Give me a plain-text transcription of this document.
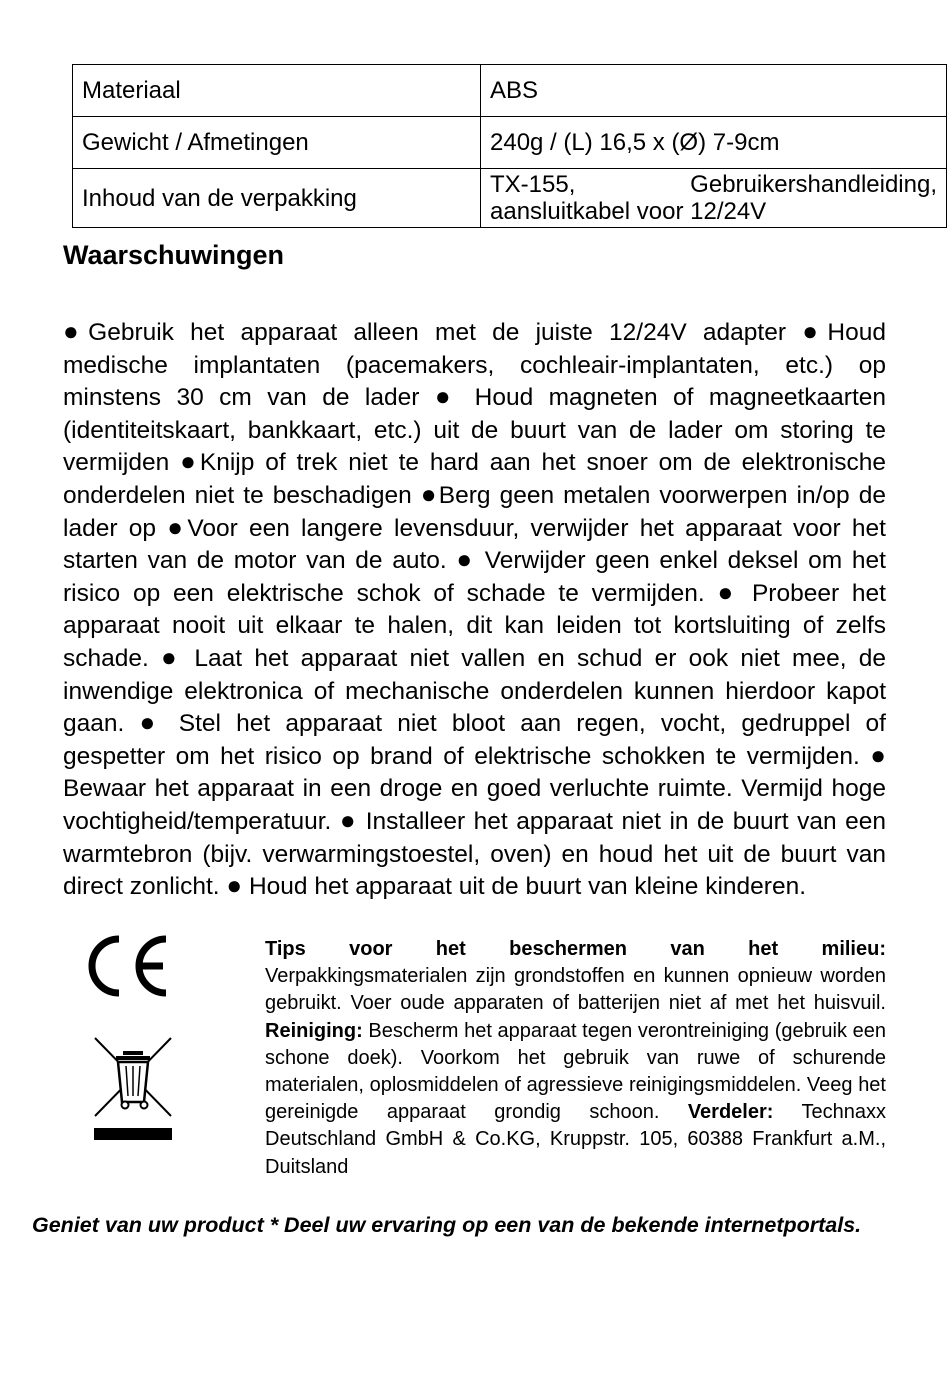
Materiaal	ABS
Gewicht / Afmetingen	240g / (L) 16,5 x (Ø) 7-9cm
Inhoud van de verpakking	TX-155, Gebruikershandleiding,
aansluitkabel voor 12/24V
Waarschuwingen

●Gebruik het apparaat alleen met de juiste 12/24V adapter ●Houd medische implantaten (pacemakers, cochleair-implantaten, etc.) op minstens 30 cm van de lader ● Houd magneten of magneetkaarten (identiteitskaart, bankkaart, etc.) uit de buurt van de lader om storing te vermijden ●Knijp of trek niet te hard aan het snoer om de elektronische onderdelen niet te beschadigen ●Berg geen metalen voorwerpen in/op de lader op ●Voor een langere levensduur, verwijder het apparaat voor het starten van de motor van de auto. ● Verwijder geen enkel deksel om het risico op een elektrische schok of schade te vermijden. ● Probeer het apparaat nooit uit elkaar te halen, dit kan leiden tot kortsluiting of zelfs schade. ● Laat het apparaat niet vallen en schud er ook niet mee, de inwendige elektronica of mechanische onderdelen kunnen hierdoor kapot gaan. ● Stel het apparaat niet bloot aan regen, vocht, gedruppel of gespetter om het risico op brand of elektrische schokken te vermijden. ● Bewaar het apparaat in een droge en goed verluchte ruimte. Vermijd hoge vochtigheid/temperatuur. ● Installeer het apparaat niet in de buurt van een warmtebron (bijv. verwarmingstoestel, oven) en houd het uit de buurt van direct zonlicht. ● Houd het apparaat uit de buurt van kleine kinderen.

Tips voor het beschermen van het milieu:
Verpakkingsmaterialen zijn grondstoffen en kunnen opnieuw worden gebruikt. Voer oude apparaten of batterijen niet af met het huisvuil. Reiniging: Bescherm het apparaat tegen verontreiniging (gebruik een schone doek). Voorkom het gebruik van ruwe of schurende materialen, oplosmiddelen of agressieve reinigingsmiddelen. Veeg het gereinigde apparaat grondig schoon. Verdeler: Technaxx Deutschland GmbH & Co.KG, Kruppstr. 105, 60388 Frankfurt a.M., Duitsland

Geniet van uw product * Deel uw ervaring op een van de bekende internetportals.
